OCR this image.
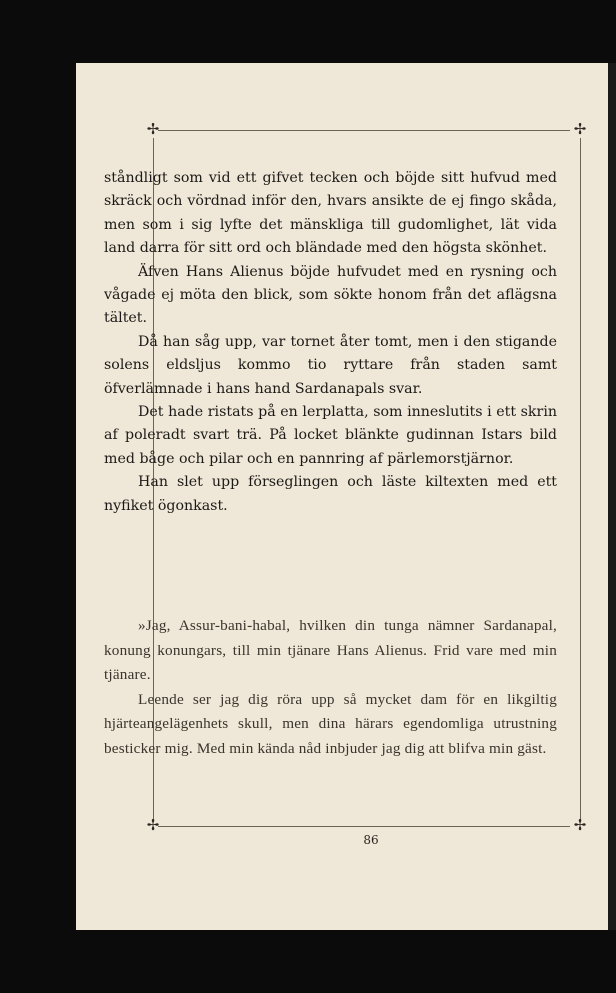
✢	✢
✢	✢

ståndligt som vid ett gifvet tecken och böjde sitt hufvud med skräck och vördnad inför den, hvars ansikte de ej fingo skåda, men som i sig lyfte det mänskliga till gudomlighet, lät vida land darra för sitt ord och bländade med den högsta skönhet.

Äfven Hans Alienus böjde hufvudet med en rysning och vågade ej möta den blick, som sökte honom från det aflägsna tältet.

Då han såg upp, var tornet åter tomt, men i den stigande solens eldsljus kommo tio ryttare från staden samt öfverlämnade i hans hand Sardanapals svar.

Det hade ristats på en lerplatta, som inneslutits i ett skrin af poleradt svart trä. På locket blänkte gudinnan Istars bild med båge och pilar och en pannring af pärlemorstjärnor.

Han slet upp förseglingen och läste kiltexten med ett nyfiket ögonkast.

»Jag, Assur-bani-habal, hvilken din tunga nämner Sardanapal, konung konungars, till min tjänare Hans Alienus. Frid vare med min tjänare.

Leende ser jag dig röra upp så mycket dam för en likgiltig hjärteangelägenhets skull, men dina härars egendomliga utrustning besticker mig. Med min kända nåd inbjuder jag dig att blifva min gäst.

86
